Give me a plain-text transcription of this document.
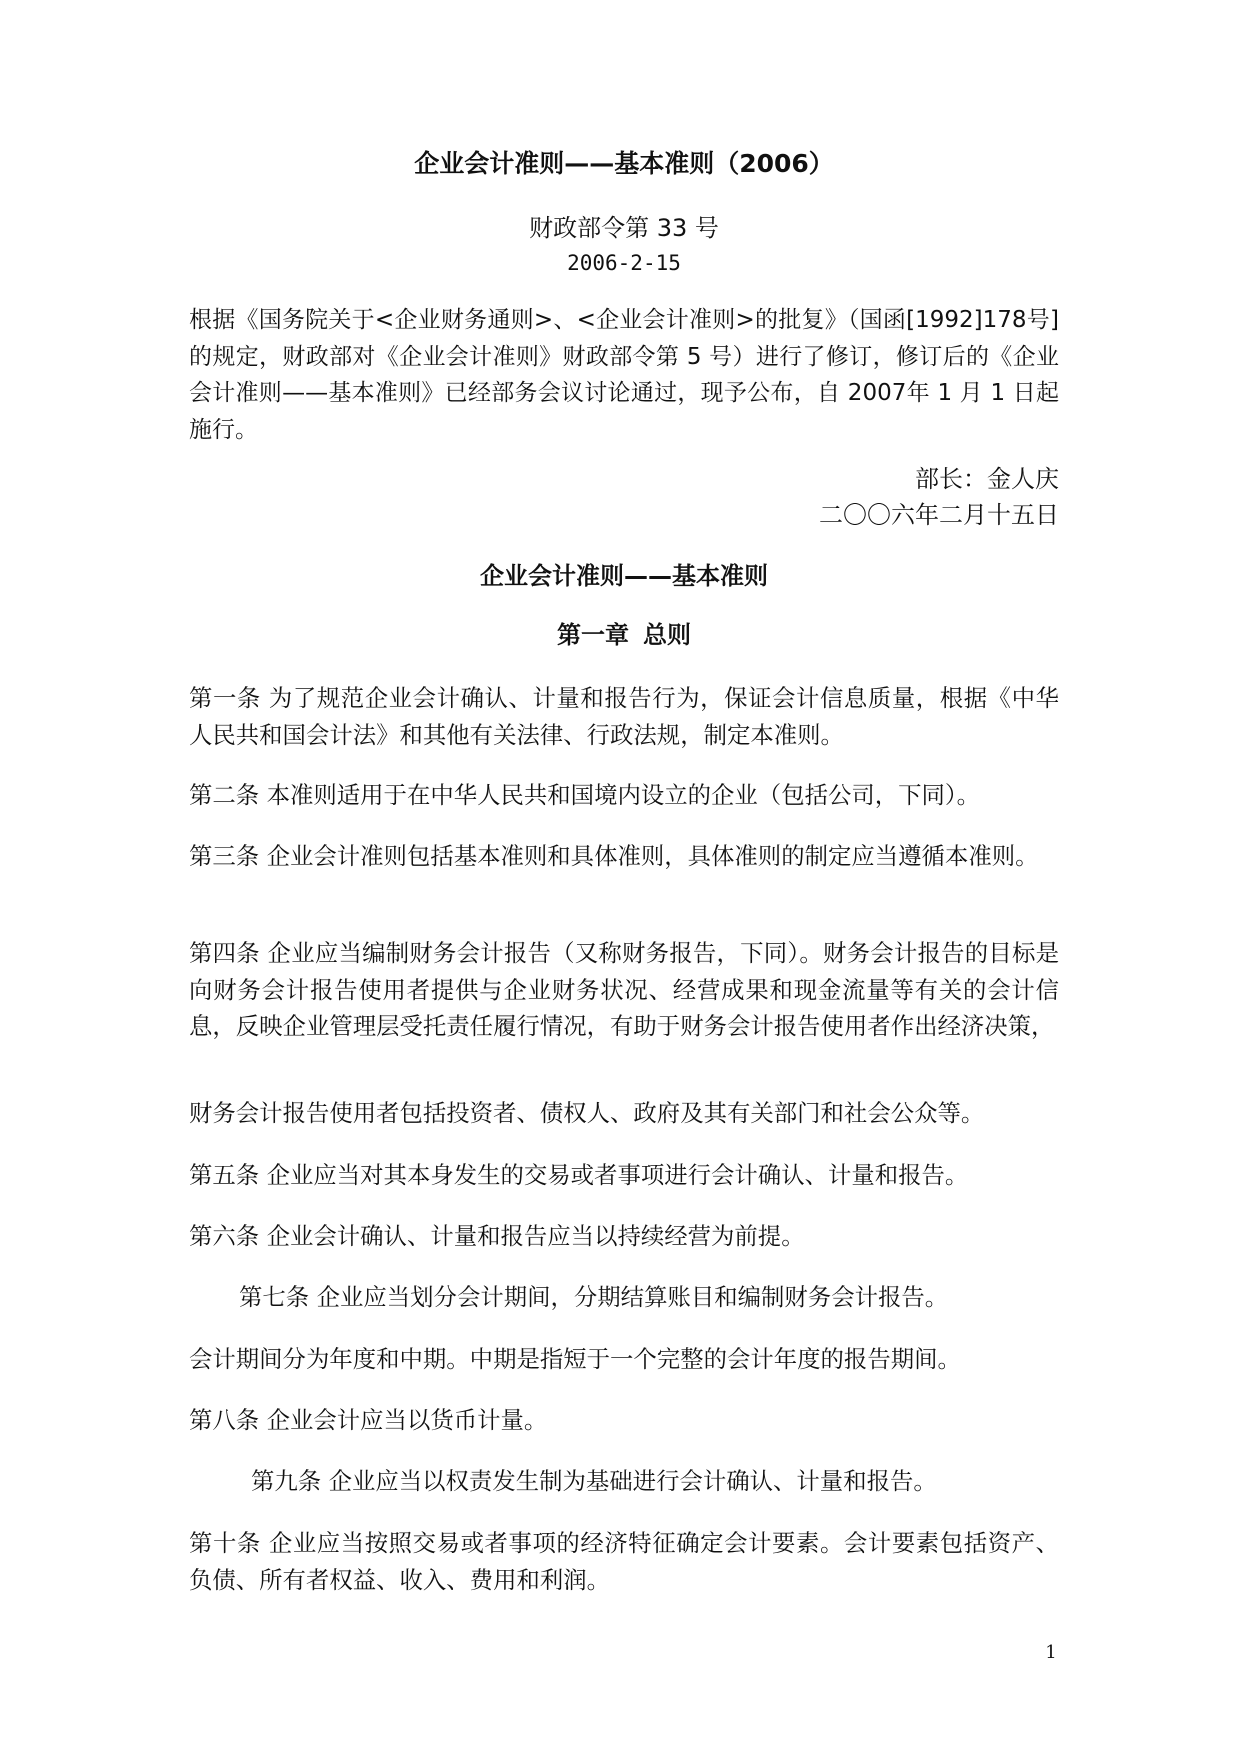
企业会计准则——基本准则（2006）
财政部令第 33 号
2006-2-15
根据《国务院关于<企业财务通则>、<企业会计准则>的批复》（国函[1992]178号]的规定，财政部对《企业会计准则》财政部令第 5 号）进行了修订，修订后的《企业会计准则——基本准则》已经部务会议讨论通过，现予公布，自 2007年 1 月 1 日起施行。
部长：金人庆
二〇〇六年二月十五日
企业会计准则——基本准则
第一章 总则
第一条 为了规范企业会计确认、计量和报告行为，保证会计信息质量，根据《中华人民共和国会计法》和其他有关法律、行政法规，制定本准则。
第二条 本准则适用于在中华人民共和国境内设立的企业（包括公司，下同）。
第三条 企业会计准则包括基本准则和具体准则，具体准则的制定应当遵循本准则。
第四条 企业应当编制财务会计报告（又称财务报告，下同）。财务会计报告的目标是向财务会计报告使用者提供与企业财务状况、经营成果和现金流量等有关的会计信息，反映企业管理层受托责任履行情况，有助于财务会计报告使用者作出经济决策，
财务会计报告使用者包括投资者、债权人、政府及其有关部门和社会公众等。
第五条 企业应当对其本身发生的交易或者事项进行会计确认、计量和报告。
第六条 企业会计确认、计量和报告应当以持续经营为前提。
第七条 企业应当划分会计期间，分期结算账目和编制财务会计报告。
会计期间分为年度和中期。中期是指短于一个完整的会计年度的报告期间。
第八条 企业会计应当以货币计量。
第九条 企业应当以权责发生制为基础进行会计确认、计量和报告。
第十条 企业应当按照交易或者事项的经济特征确定会计要素。会计要素包括资产、负债、所有者权益、收入、费用和利润。
1
